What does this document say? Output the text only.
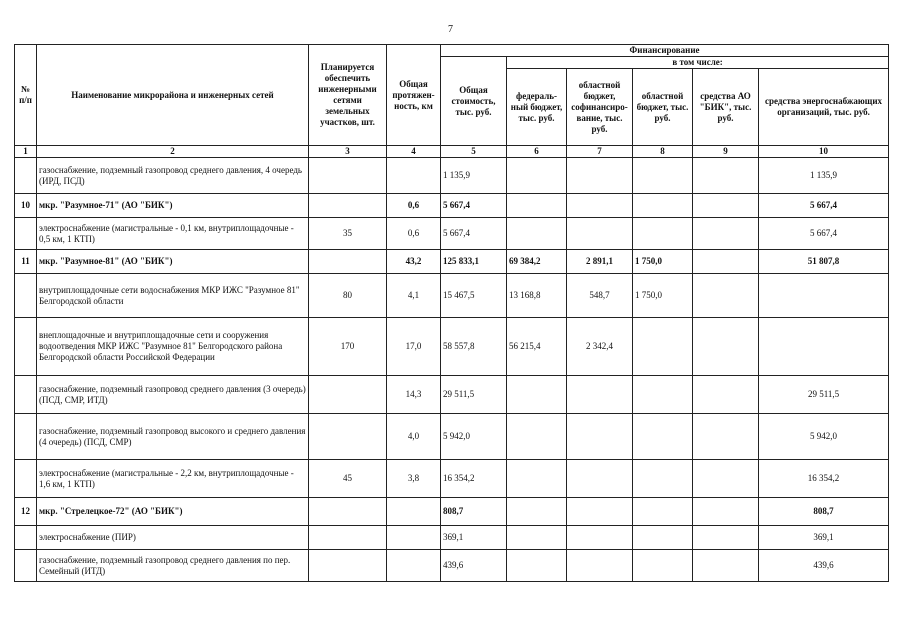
7
№ п/п	Наименование микрорайона и инженерных сетей	Планируется обеспечить инженерными сетями земельных участков, шт.	Общая протяжен-ность, км	Финансирование					
				Общая стоимость, тыс. руб.	в том числе:				
					федераль-ный бюджет, тыс. руб.	областной бюджет, софинансиро-вание, тыс. руб.	областной бюджет, тыс. руб.	средства АО "БИК", тыс. руб.	средства энергоснабжающих организаций, тыс. руб.
1	2	3	4	5	6	7	8	9	10
	газоснабжение, подземный газопровод среднего давления, 4 очередь (ИРД, ПСД)			1 135,9					1 135,9
10	мкр. "Разумное-71" (АО "БИК")		0,6	5 667,4					5 667,4
	электроснабжение (магистральные - 0,1 км, внутриплощадочные - 0,5 км, 1 КТП)	35	0,6	5 667,4					5 667,4
11	мкр. "Разумное-81" (АО "БИК")		43,2	125 833,1	69 384,2	2 891,1	1 750,0		51 807,8
	внутриплощадочные сети водоснабжения МКР ИЖС "Разумное 81" Белгородской области	80	4,1	15 467,5	13 168,8	548,7	1 750,0		
	внеплощадочные и внутриплощадочные сети и сооружения водоотведения МКР ИЖС "Разумное 81" Белгородского района Белгородской области Российской Федерации	170	17,0	58 557,8	56 215,4	2 342,4			
	газоснабжение, подземный газопровод среднего давления (3 очередь) (ПСД, СМР, ИТД)		14,3	29 511,5					29 511,5
	газоснабжение, подземный газопровод высокого и среднего давления (4 очередь) (ПСД, СМР)		4,0	5 942,0					5 942,0
	электроснабжение (магистральные - 2,2 км, внутриплощадочные - 1,6 км, 1 КТП)	45	3,8	16 354,2					16 354,2
12	мкр. "Стрелецкое-72" (АО "БИК")			808,7					808,7
	электроснабжение (ПИР)			369,1					369,1
	газоснабжение, подземный газопровод среднего давления по пер. Семейный (ИТД)			439,6					439,6
